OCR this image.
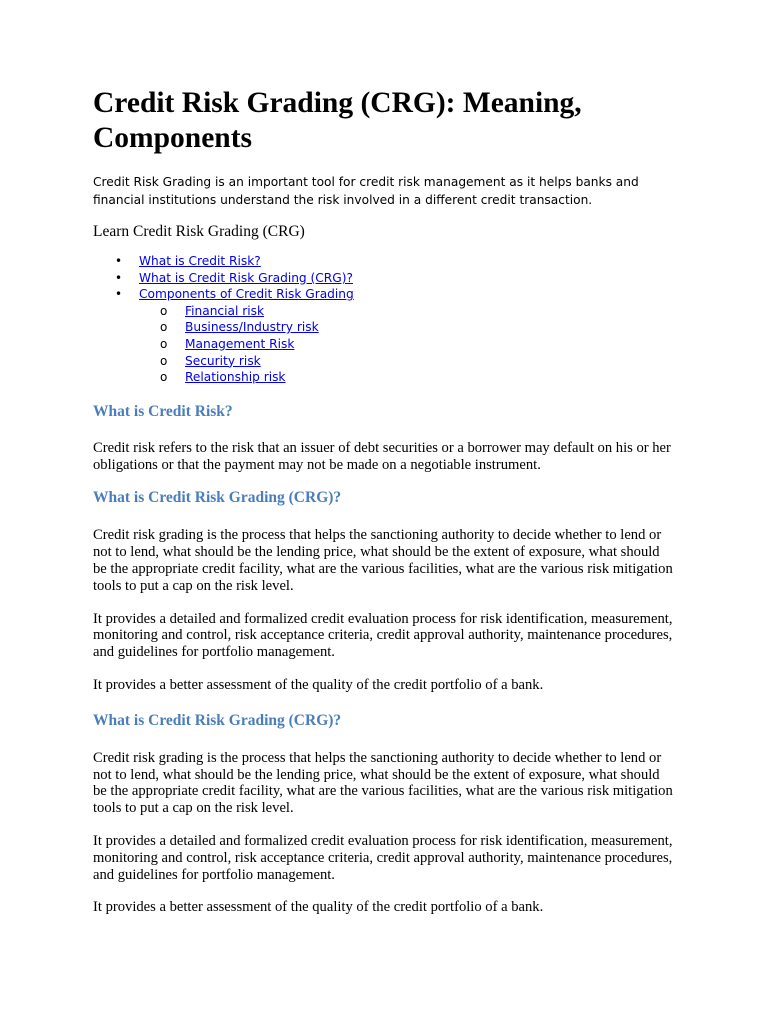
Credit Risk Grading (CRG): Meaning, Components

Credit Risk Grading is an important tool for credit risk management as it helps banks and financial institutions understand the risk involved in a different credit transaction.

Learn Credit Risk Grading (CRG)

• What is Credit Risk?
• What is Credit Risk Grading (CRG)?
• Components of Credit Risk Grading
o Financial risk
o Business/Industry risk
o Management Risk
o Security risk
o Relationship risk
What is Credit Risk?

Credit risk refers to the risk that an issuer of debt securities or a borrower may default on his or her obligations or that the payment may not be made on a negotiable instrument.

What is Credit Risk Grading (CRG)?

Credit risk grading is the process that helps the sanctioning authority to decide whether to lend or not to lend, what should be the lending price, what should be the extent of exposure, what should be the appropriate credit facility, what are the various facilities, what are the various risk mitigation tools to put a cap on the risk level.

It provides a detailed and formalized credit evaluation process for risk identification, measurement, monitoring and control, risk acceptance criteria, credit approval authority, maintenance procedures, and guidelines for portfolio management.

It provides a better assessment of the quality of the credit portfolio of a bank.

What is Credit Risk Grading (CRG)?

Credit risk grading is the process that helps the sanctioning authority to decide whether to lend or not to lend, what should be the lending price, what should be the extent of exposure, what should be the appropriate credit facility, what are the various facilities, what are the various risk mitigation tools to put a cap on the risk level.

It provides a detailed and formalized credit evaluation process for risk identification, measurement, monitoring and control, risk acceptance criteria, credit approval authority, maintenance procedures, and guidelines for portfolio management.

It provides a better assessment of the quality of the credit portfolio of a bank.
